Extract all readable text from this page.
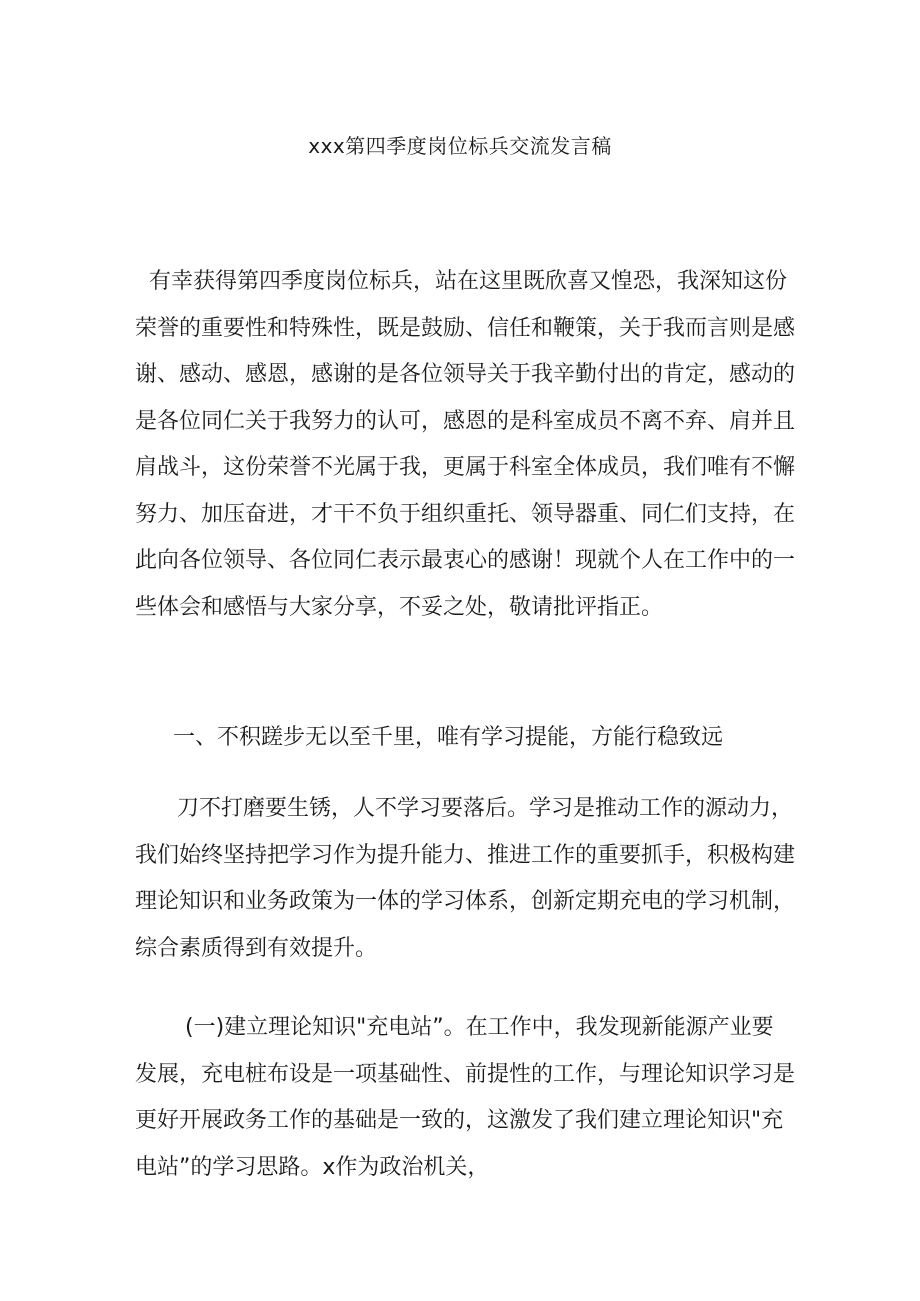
xxx第四季度岗位标兵交流发言稿

有幸获得第四季度岗位标兵，站在这里既欣喜又惶恐，我深知这份荣誉的重要性和特殊性，既是鼓励、信任和鞭策，关于我而言则是感谢、感动、感恩，感谢的是各位领导关于我辛勤付出的肯定，感动的是各位同仁关于我努力的认可，感恩的是科室成员不离不弃、肩并且肩战斗，这份荣誉不光属于我，更属于科室全体成员，我们唯有不懈努力、加压奋进，才干不负于组织重托、领导器重、同仁们支持，在此向各位领导、各位同仁表示最衷心的感谢！现就个人在工作中的一些体会和感悟与大家分享，不妥之处，敬请批评指正。

一、不积蹉步无以至千里，唯有学习提能，方能行稳致远

刀不打磨要生锈，人不学习要落后。学习是推动工作的源动力，我们始终坚持把学习作为提升能力、推进工作的重要抓手，积极构建理论知识和业务政策为一体的学习体系，创新定期充电的学习机制，综合素质得到有效提升。

(一)建立理论知识"充电站”。在工作中，我发现新能源产业要发展，充电桩布设是一项基础性、前提性的工作，与理论知识学习是更好开展政务工作的基础是一致的，这激发了我们建立理论知识"充电站”的学习思路。x作为政治机关，
